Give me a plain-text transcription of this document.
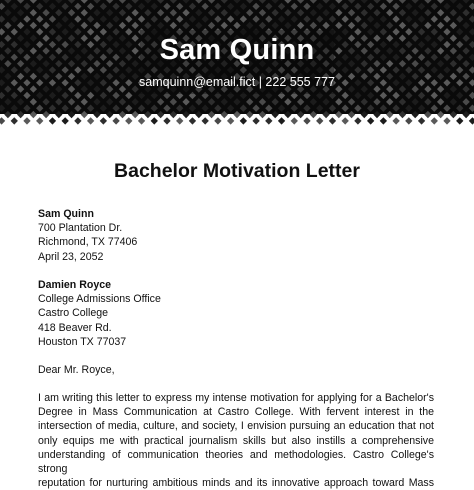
Sam Quinn
samquinn@email.fict | 222 555 777
Bachelor Motivation Letter
Sam Quinn
700 Plantation Dr.
Richmond, TX 77406
April 23, 2052
Damien Royce
College Admissions Office
Castro College
418 Beaver Rd.
Houston TX 77037
Dear Mr. Royce,
I am writing this letter to express my intense motivation for applying for a Bachelor's
Degree in Mass Communication at Castro College. With fervent interest in the
intersection of media, culture, and society, I envision pursuing an education that not
only equips me with practical journalism skills but also instills a comprehensive
understanding of communication theories and methodologies. Castro College's strong
reputation for nurturing ambitious minds and its innovative approach toward Mass
